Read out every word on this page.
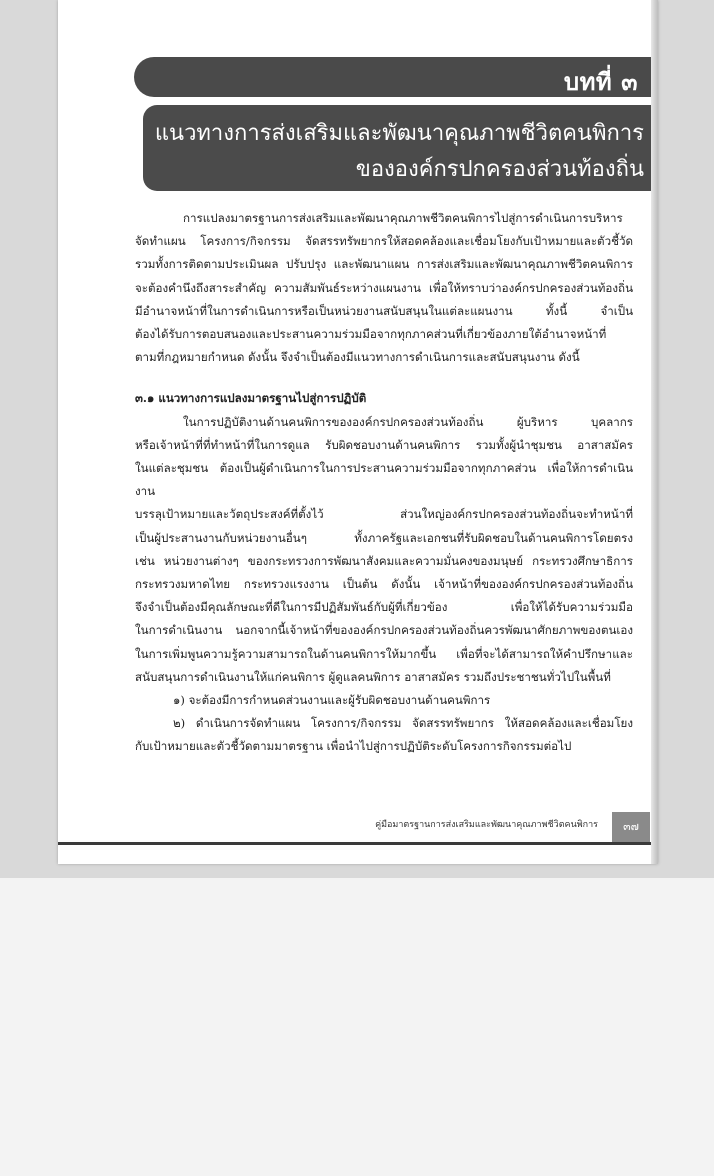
บทที่ ๓
แนวทางการส่งเสริมและพัฒนาคุณภาพชีวิตคนพิการ
ขององค์กรปกครองส่วนท้องถิ่น

การแปลงมาตรฐานการส่งเสริมและพัฒนาคุณภาพชีวิตคนพิการไปสู่การดำเนินการบริหาร

จัดทำแผน โครงการ/กิจกรรม จัดสรรทรัพยากรให้สอดคล้องและเชื่อมโยงกับเป้าหมายและตัวชี้วัด

รวมทั้งการติดตามประเมินผล ปรับปรุง และพัฒนาแผน การส่งเสริมและพัฒนาคุณภาพชีวิตคนพิการ

จะต้องคำนึงถึงสาระสำคัญ ความสัมพันธ์ระหว่างแผนงาน เพื่อให้ทราบว่าองค์กรปกครองส่วนท้องถิ่น

มีอำนาจหน้าที่ในการดำเนินการหรือเป็นหน่วยงานสนับสนุนในแต่ละแผนงาน ทั้งนี้ จำเป็น

ต้องได้รับการตอบสนองและประสานความร่วมมือจากทุกภาคส่วนที่เกี่ยวข้องภายใต้อำนาจหน้าที่

ตามที่กฎหมายกำหนด ดังนั้น จึงจำเป็นต้องมีแนวทางการดำเนินการและสนับสนุนงาน ดังนี้

๓.๑ แนวทางการแปลงมาตรฐานไปสู่การปฏิบัติ

ในการปฏิบัติงานด้านคนพิการขององค์กรปกครองส่วนท้องถิ่น ผู้บริหาร บุคลากร

หรือเจ้าหน้าที่ที่ทำหน้าที่ในการดูแล รับผิดชอบงานด้านคนพิการ รวมทั้งผู้นำชุมชน อาสาสมัคร

ในแต่ละชุมชน ต้องเป็นผู้ดำเนินการในการประสานความร่วมมือจากทุกภาคส่วน เพื่อให้การดำเนินงาน

บรรลุเป้าหมายและวัตถุประสงค์ที่ตั้งไว้ ส่วนใหญ่องค์กรปกครองส่วนท้องถิ่นจะทำหน้าที่

เป็นผู้ประสานงานกับหน่วยงานอื่นๆ ทั้งภาครัฐและเอกชนที่รับผิดชอบในด้านคนพิการโดยตรง

เช่น หน่วยงานต่างๆ ของกระทรวงการพัฒนาสังคมและความมั่นคงของมนุษย์ กระทรวงศึกษาธิการ

กระทรวงมหาดไทย กระทรวงแรงงาน เป็นต้น ดังนั้น เจ้าหน้าที่ขององค์กรปกครองส่วนท้องถิ่น

จึงจำเป็นต้องมีคุณลักษณะที่ดีในการมีปฏิสัมพันธ์กับผู้ที่เกี่ยวข้อง เพื่อให้ได้รับความร่วมมือ

ในการดำเนินงาน นอกจากนี้เจ้าหน้าที่ขององค์กรปกครองส่วนท้องถิ่นควรพัฒนาศักยภาพของตนเอง

ในการเพิ่มพูนความรู้ความสามารถในด้านคนพิการให้มากขึ้น เพื่อที่จะได้สามารถให้คำปรึกษาและ

สนับสนุนการดำเนินงานให้แก่คนพิการ ผู้ดูแลคนพิการ อาสาสมัคร รวมถึงประชาชนทั่วไปในพื้นที่

๑) จะต้องมีการกำหนดส่วนงานและผู้รับผิดชอบงานด้านคนพิการ

๒) ดำเนินการจัดทำแผน โครงการ/กิจกรรม จัดสรรทรัพยากร ให้สอดคล้องและเชื่อมโยง

กับเป้าหมายและตัวชี้วัดตามมาตรฐาน เพื่อนำไปสู่การปฏิบัติระดับโครงการกิจกรรมต่อไป

คู่มือมาตรฐานการส่งเสริมและพัฒนาคุณภาพชีวิตคนพิการ	๓๗
